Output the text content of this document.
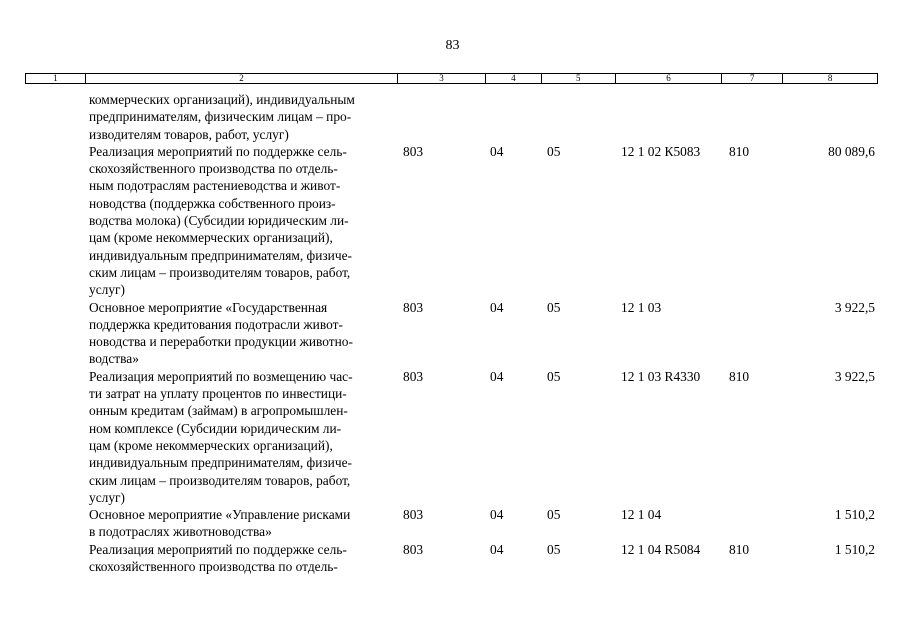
83
1	2	3	4	5	6	7	8
коммерческих организаций), индивидуальным
предпринимателям, физическим лицам – про-
изводителям товаров, работ, услуг)
Реализация мероприятий по поддержке сель-
скохозяйственного производства по отдель-
ным подотраслям растениеводства и живот-
новодства (поддержка собственного произ-
водства молока) (Субсидии юридическим ли-
цам (кроме некоммерческих организаций),
индивидуальным предпринимателям, физиче-
ским лицам – производителям товаров, работ,
услуг)
803	04	05	12 1 02 К5083 810	80 089,6
Основное мероприятие «Государственная
поддержка кредитования подотрасли живот-
новодства и переработки продукции животно-
водства»
803	04	05	12 1 03	3 922,5
Реализация мероприятий по возмещению час-
ти затрат на уплату процентов по инвестици-
онным кредитам (займам) в агропромышлен-
ном комплексе (Субсидии юридическим ли-
цам (кроме некоммерческих организаций),
индивидуальным предпринимателям, физиче-
ским лицам – производителям товаров, работ,
услуг)
803	04	05	12 1 03 R4330 810	3 922,5
Основное мероприятие «Управление рисками
в подотраслях животноводства»
803	04	05	12 1 04	1 510,2
Реализация мероприятий по поддержке сель-
скохозяйственного производства по отдель-
803	04	05	12 1 04 R5084 810	1 510,2
